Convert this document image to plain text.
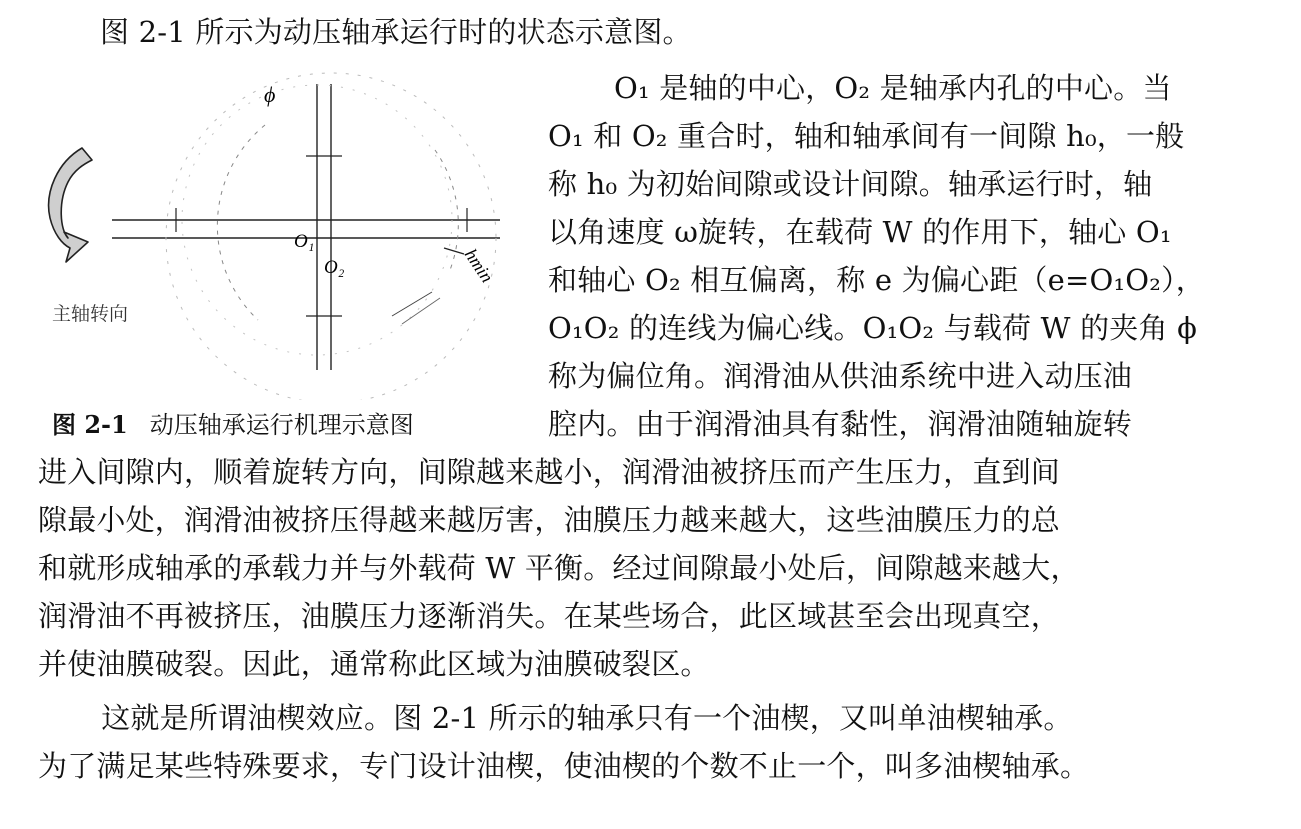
图 2-1 所示为动压轴承运行时的状态示意图。
ϕ
O₁
O₂	hmin
主轴转向
图 2-1 动压轴承运行机理示意图
O₁ 是轴的中心，O₂ 是轴承内孔的中心。当
O₁ 和 O₂ 重合时，轴和轴承间有一间隙 h₀，一般
称 h₀ 为初始间隙或设计间隙。轴承运行时，轴
以角速度 ω旋转，在载荷 W 的作用下，轴心 O₁
和轴心 O₂ 相互偏离，称 e 为偏心距（e=O₁O₂），
O₁O₂ 的连线为偏心线。O₁O₂ 与载荷 W 的夹角 ϕ
称为偏位角。润滑油从供油系统中进入动压油
腔内。由于润滑油具有黏性，润滑油随轴旋转
进入间隙内，顺着旋转方向，间隙越来越小，润滑油被挤压而产生压力，直到间
隙最小处，润滑油被挤压得越来越厉害，油膜压力越来越大，这些油膜压力的总
和就形成轴承的承载力并与外载荷 W 平衡。经过间隙最小处后，间隙越来越大，
润滑油不再被挤压，油膜压力逐渐消失。在某些场合，此区域甚至会出现真空，
并使油膜破裂。因此，通常称此区域为油膜破裂区。
　这就是所谓油楔效应。图 2-1 所示的轴承只有一个油楔，又叫单油楔轴承。
为了满足某些特殊要求，专门设计油楔，使油楔的个数不止一个，叫多油楔轴承。
